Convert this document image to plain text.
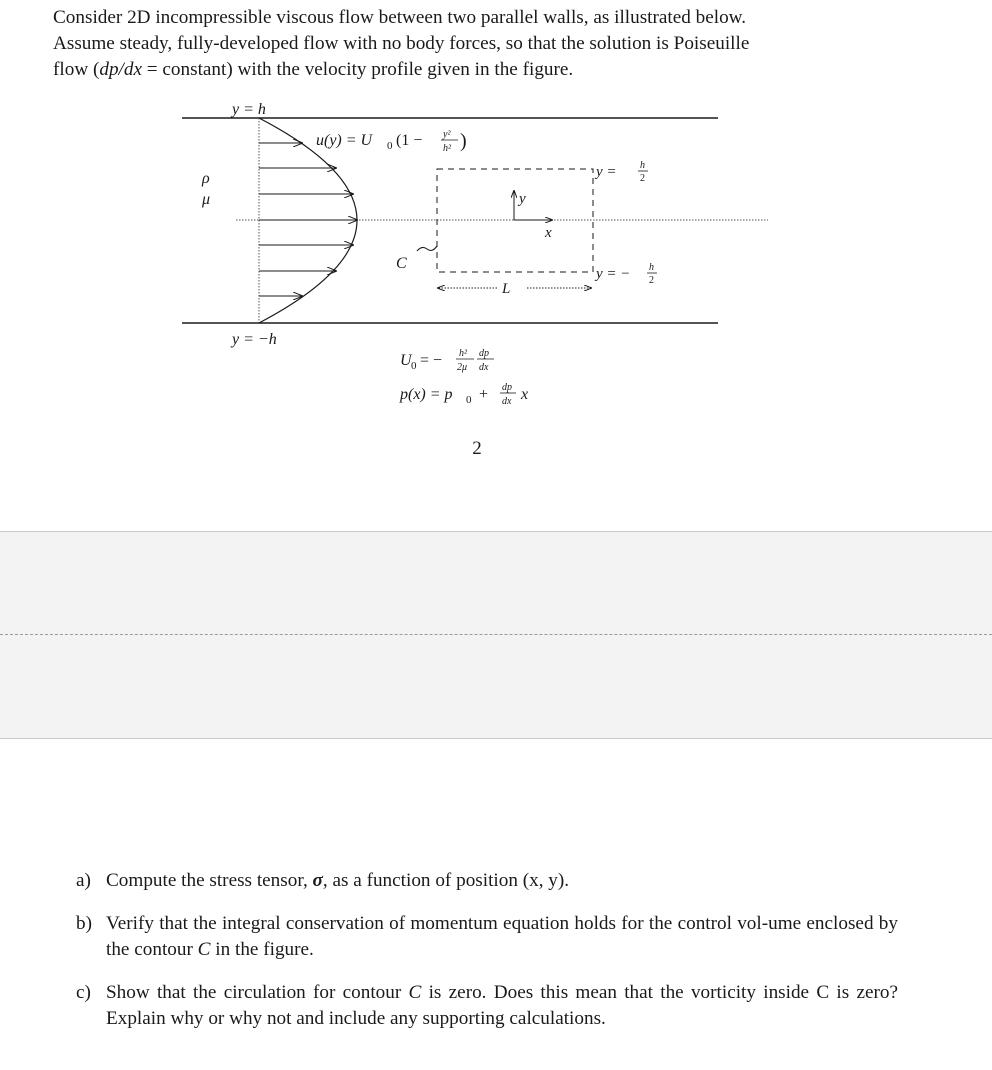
Consider 2D incompressible viscous flow between two parallel walls, as illustrated below.

Assume steady, fully-developed flow with no body forces, so that the solution is Poiseuille

flow (dp/dx = constant) with the velocity profile given in the figure.

y = h
y = −h
ρ
μ
u(y) = U 0 (1 − y²
h² )
y = h
2
y = − h
2
C
y
x
L
U 0 = − h²
2μ
dp
dx
p(x) = p 0 + dp
dx x
2
a) Compute the stress tensor, σ, as a function of position (x, y).
b) Verify that the integral conservation of momentum equation holds for the control vol-ume enclosed by the contour C in the figure.
c) Show that the circulation for contour C is zero. Does this mean that the vorticity inside C is zero? Explain why or why not and include any supporting calculations.
